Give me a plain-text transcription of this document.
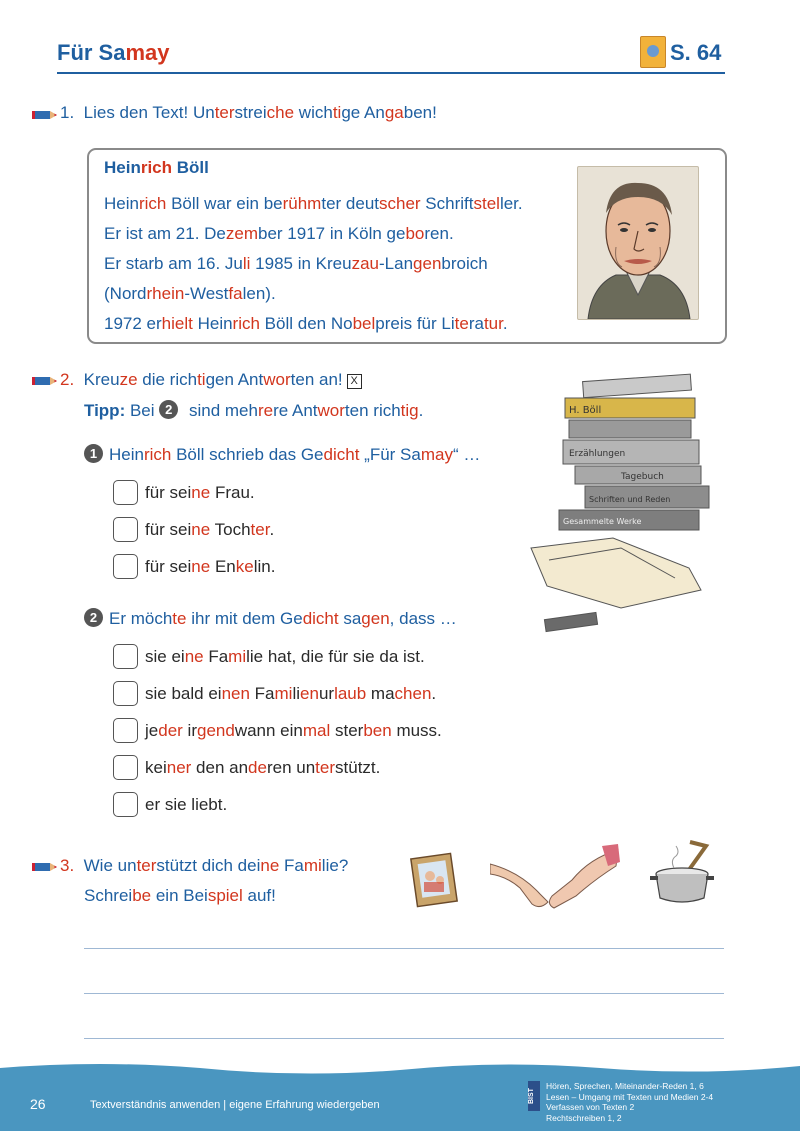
Für Samay	S. 64
1. Lies den Text! Unterstreiche wichtige Angaben!
Heinrich Böll
Heinrich Böll war ein berühmter deutscher Schriftsteller.
Er ist am 21. Dezember 1917 in Köln geboren.
Er starb am 16. Juli 1985 in Kreuzau-Langenbroich
(Nordrhein-Westfalen).
1972 erhielt Heinrich Böll den Nobelpreis für Literatur.
2. Kreuze die richtigen Antworten an! X
Tipp: Bei 2 sind mehrere Antworten richtig.
1 Heinrich Böll schrieb das Gedicht „Für Samay“ …
für seine Frau.
für seine Tochter.
für seine Enkelin.
2 Er möchte ihr mit dem Gedicht sagen, dass …
sie eine Familie hat, die für sie da ist.
sie bald einen Familienurlaub machen.
jeder irgendwann einmal sterben muss.
keiner den anderen unterstützt.
er sie liebt.
H. Böll
Erzählungen
Tagebuch
Schriften und Reden
Gesammelte Werke
3. Wie unterstützt dich deine Familie?
Schreibe ein Beispiel auf!
26	Textverständnis anwenden | eigene Erfahrung wiedergeben
BIST
Hören, Sprechen, Miteinander-Reden 1, 6
Lesen – Umgang mit Texten und Medien 2-4
Verfassen von Texten 2
Rechtschreiben 1, 2
